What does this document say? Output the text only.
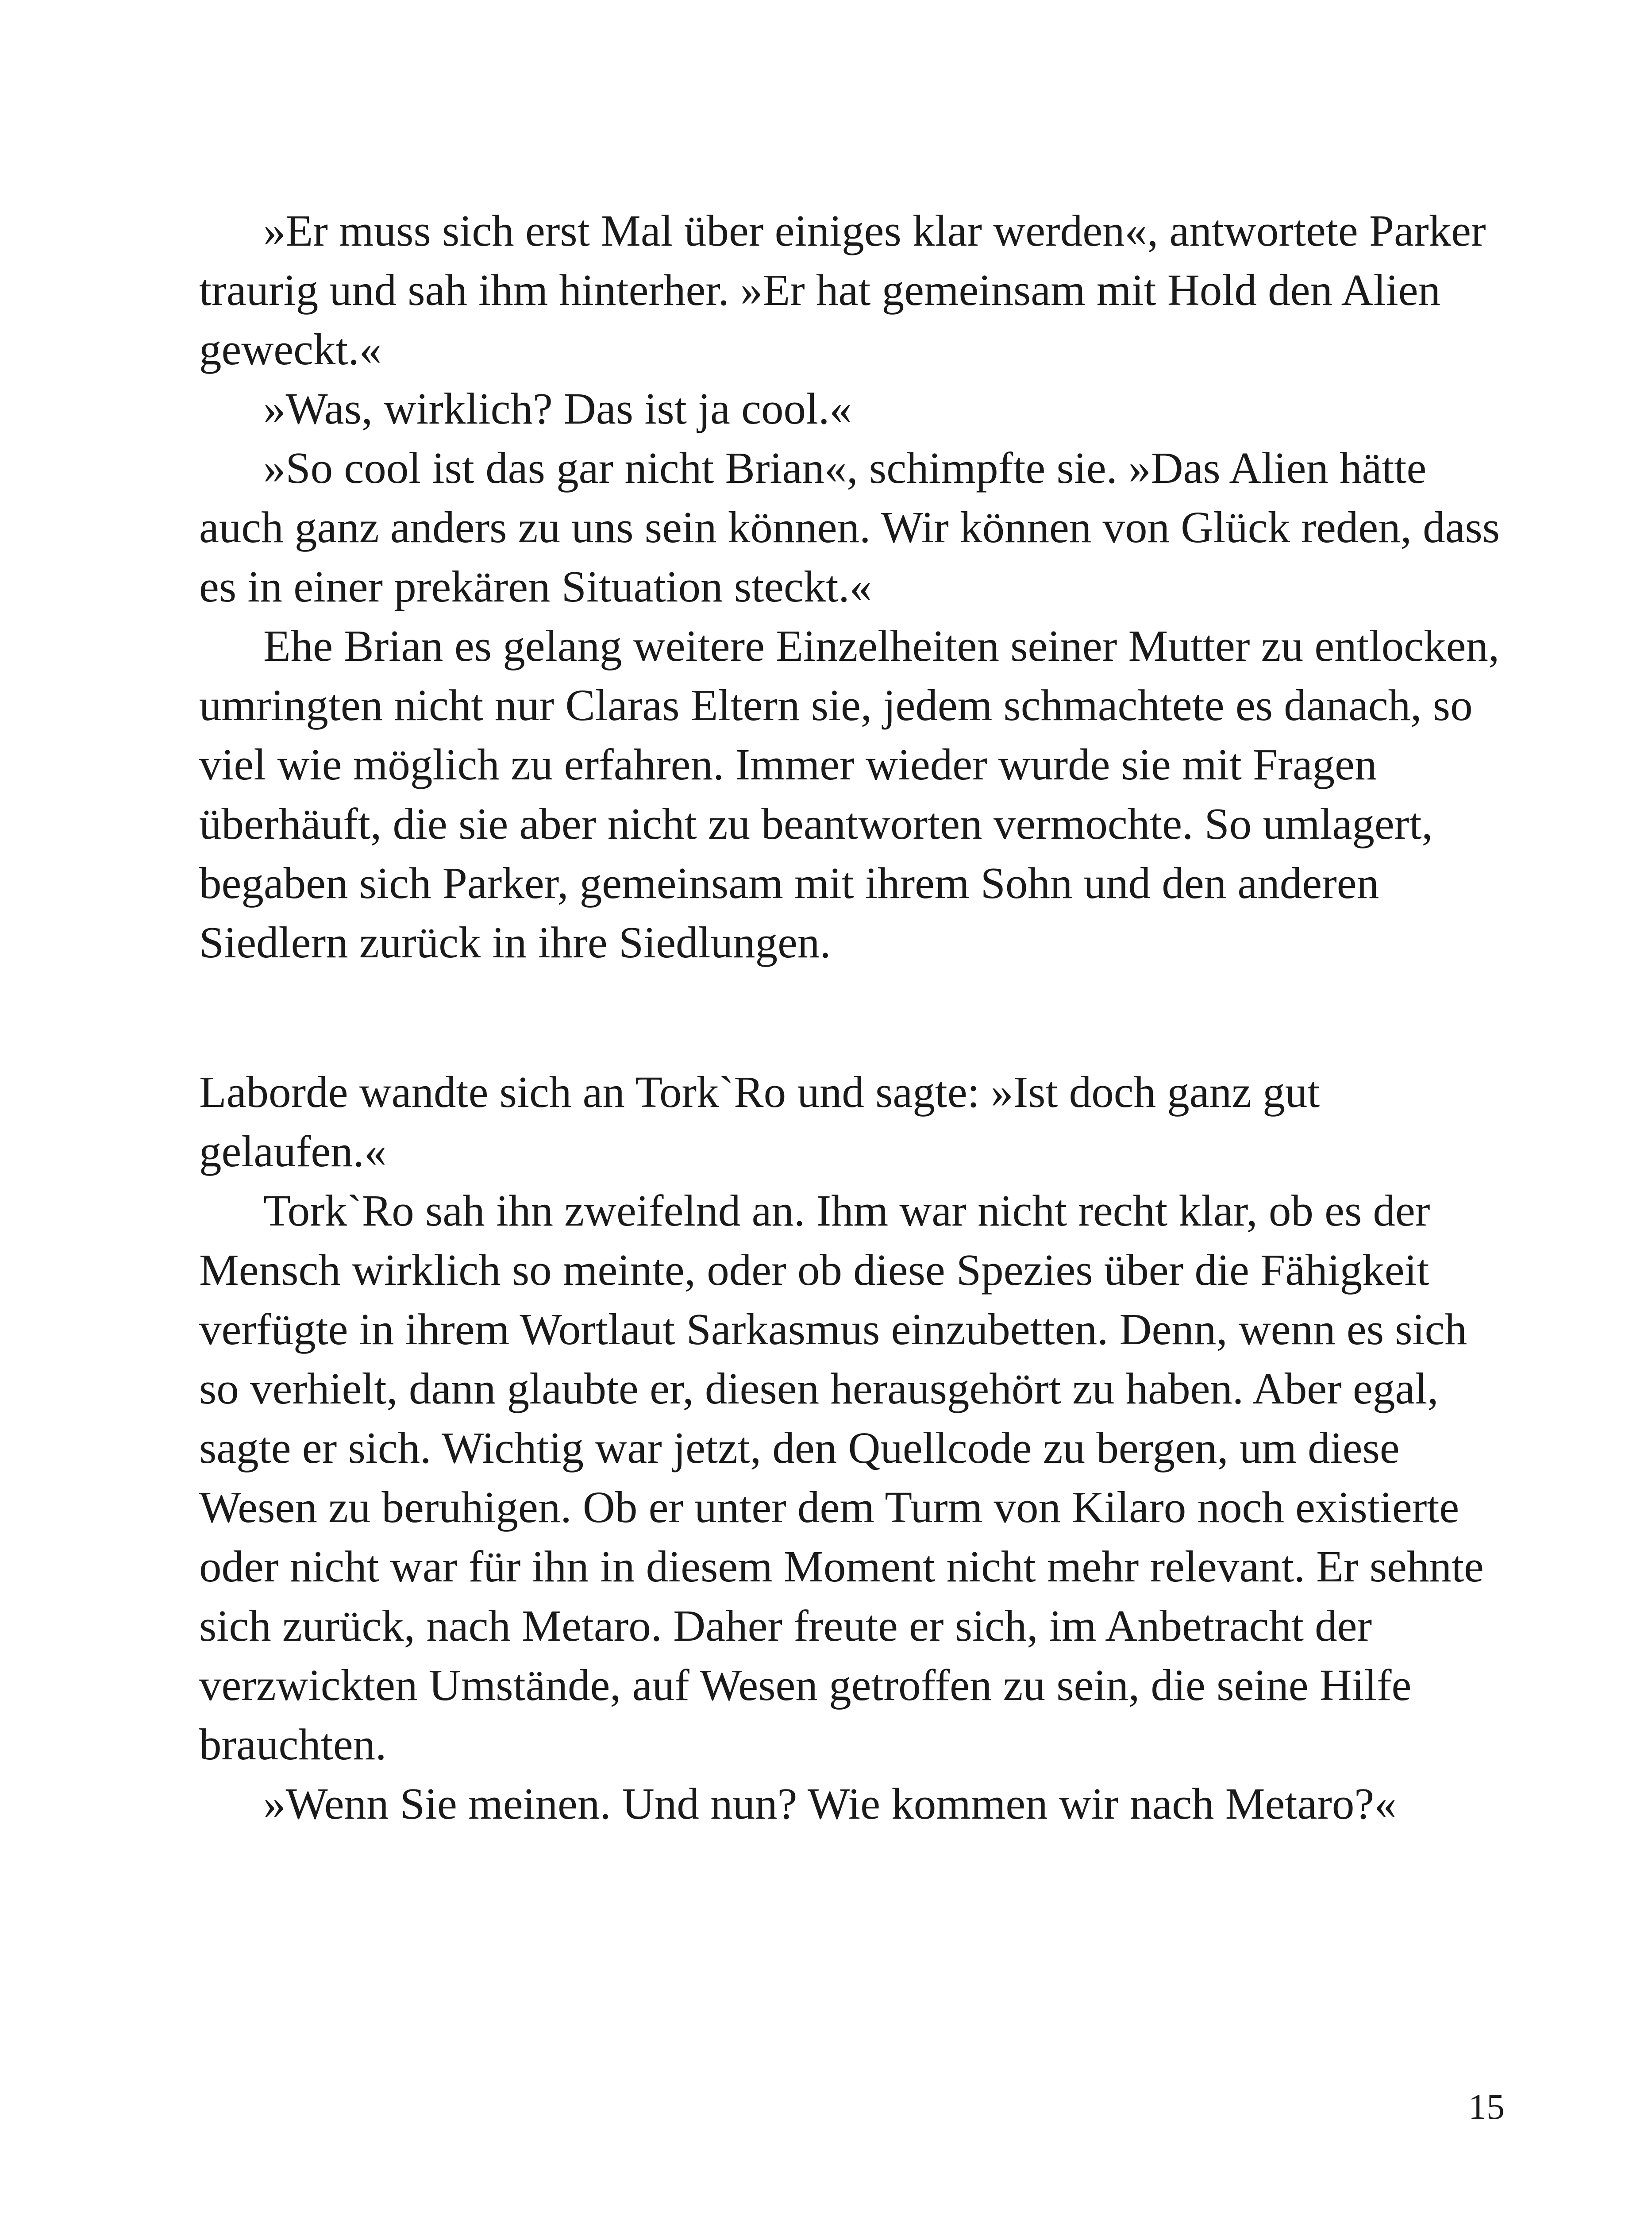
»Er muss sich erst Mal über einiges klar werden«, antwortete Parker traurig und sah ihm hinterher. »Er hat gemeinsam mit Hold den Alien geweckt.«

»Was, wirklich? Das ist ja cool.«

»So cool ist das gar nicht Brian«, schimpfte sie. »Das Alien hätte auch ganz anders zu uns sein können. Wir können von Glück reden, dass es in einer prekären Situation steckt.«

Ehe Brian es gelang weitere Einzelheiten seiner Mutter zu entlocken, umringten nicht nur Claras Eltern sie, jedem schmachtete es danach, so viel wie möglich zu erfahren. Immer wieder wurde sie mit Fragen überhäuft, die sie aber nicht zu beantworten vermochte. So umlagert, begaben sich Parker, gemeinsam mit ihrem Sohn und den anderen Siedlern zurück in ihre Siedlungen.

Laborde wandte sich an Tork`Ro und sagte: »Ist doch ganz gut gelaufen.«

Tork`Ro sah ihn zweifelnd an. Ihm war nicht recht klar, ob es der Mensch wirklich so meinte, oder ob diese Spezies über die Fähigkeit verfügte in ihrem Wortlaut Sarkasmus einzubetten. Denn, wenn es sich so verhielt, dann glaubte er, diesen herausgehört zu haben. Aber egal, sagte er sich. Wichtig war jetzt, den Quellcode zu bergen, um diese Wesen zu beruhigen. Ob er unter dem Turm von Kilaro noch existierte oder nicht war für ihn in diesem Moment nicht mehr relevant. Er sehnte sich zurück, nach Metaro. Daher freute er sich, im Anbetracht der verzwickten Umstände, auf Wesen getroffen zu sein, die seine Hilfe brauchten.

»Wenn Sie meinen. Und nun? Wie kommen wir nach Metaro?«

15
